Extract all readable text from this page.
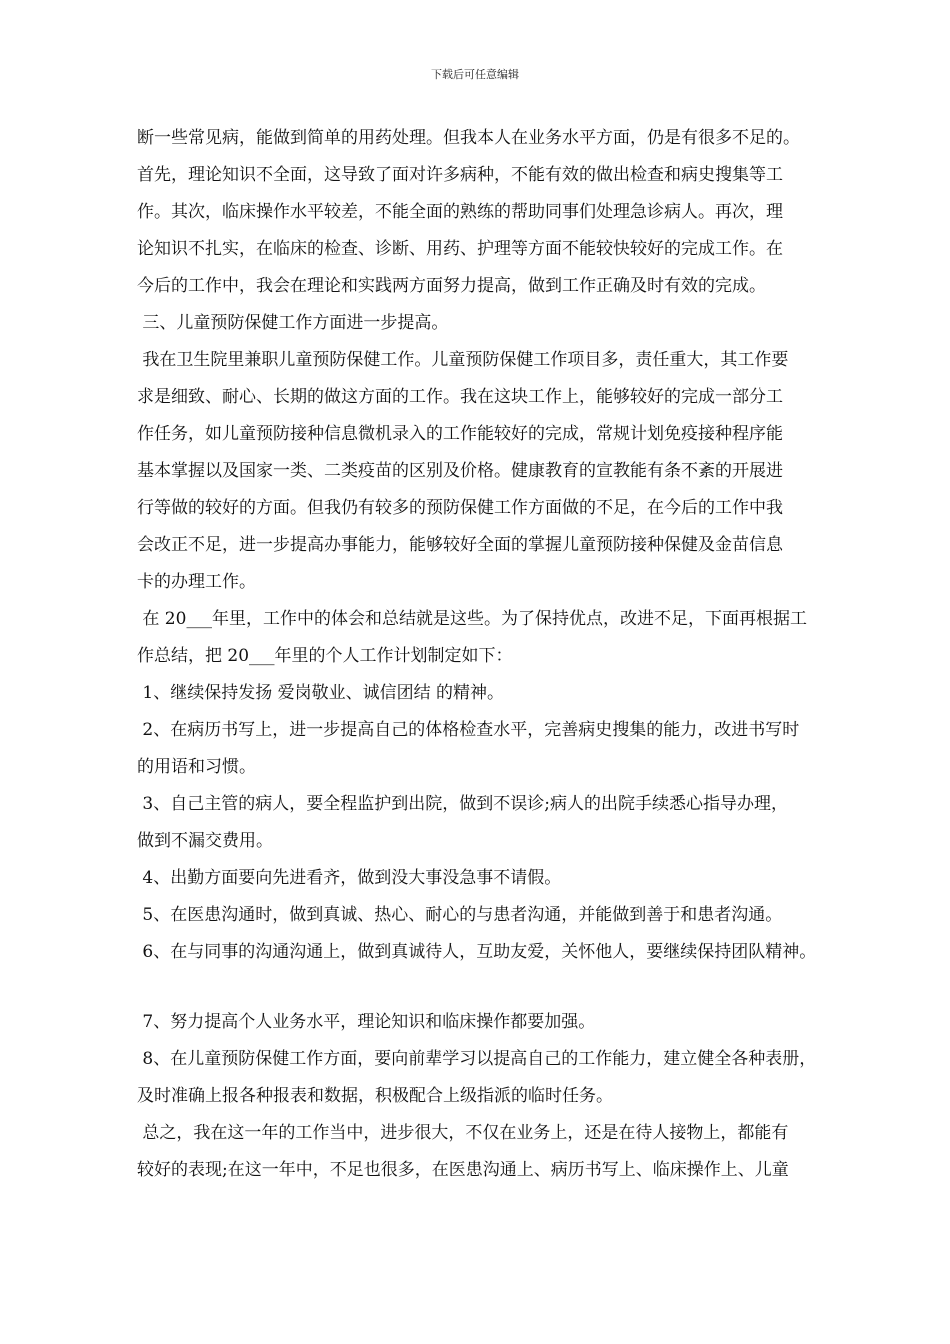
下载后可任意编辑
断一些常见病，能做到简单的用药处理。但我本人在业务水平方面，仍是有很多不足的。
首先，理论知识不全面，这导致了面对许多病种，不能有效的做出检查和病史搜集等工
作。其次，临床操作水平较差，不能全面的熟练的帮助同事们处理急诊病人。再次，理
论知识不扎实，在临床的检查、诊断、用药、护理等方面不能较快较好的完成工作。在
今后的工作中，我会在理论和实践两方面努力提高，做到工作正确及时有效的完成。
三、儿童预防保健工作方面进一步提高。
我在卫生院里兼职儿童预防保健工作。儿童预防保健工作项目多，责任重大，其工作要
求是细致、耐心、长期的做这方面的工作。我在这块工作上，能够较好的完成一部分工
作任务，如儿童预防接种信息微机录入的工作能较好的完成，常规计划免疫接种程序能
基本掌握以及国家一类、二类疫苗的区别及价格。健康教育的宣教能有条不紊的开展进
行等做的较好的方面。但我仍有较多的预防保健工作方面做的不足，在今后的工作中我
会改正不足，进一步提高办事能力，能够较好全面的掌握儿童预防接种保健及金苗信息
卡的办理工作。
在 20___年里，工作中的体会和总结就是这些。为了保持优点，改进不足，下面再根据工
作总结，把 20___年里的个人工作计划制定如下：
1、继续保持发扬 爱岗敬业、诚信团结 的精神。
2、在病历书写上，进一步提高自己的体格检查水平，完善病史搜集的能力，改进书写时
的用语和习惯。
3、自己主管的病人，要全程监护到出院，做到不误诊;病人的出院手续悉心指导办理，
做到不漏交费用。
4、出勤方面要向先进看齐，做到没大事没急事不请假。
5、在医患沟通时，做到真诚、热心、耐心的与患者沟通，并能做到善于和患者沟通。
6、在与同事的沟通沟通上，做到真诚待人，互助友爱，关怀他人，要继续保持团队精神。
7、努力提高个人业务水平，理论知识和临床操作都要加强。
8、在儿童预防保健工作方面，要向前辈学习以提高自己的工作能力，建立健全各种表册，
及时准确上报各种报表和数据，积极配合上级指派的临时任务。
总之，我在这一年的工作当中，进步很大，不仅在业务上，还是在待人接物上，都能有
较好的表现;在这一年中，不足也很多，在医患沟通上、病历书写上、临床操作上、儿童
